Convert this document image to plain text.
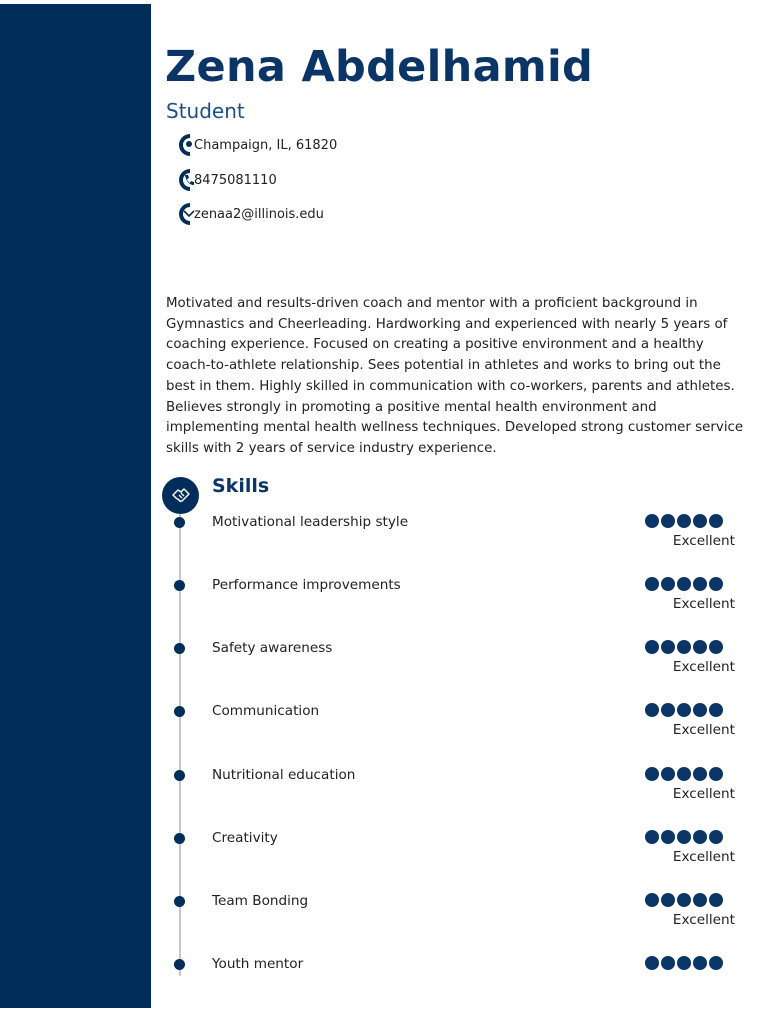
Zena Abdelhamid
Student
Champaign, IL, 61820
8475081110
zenaa2@illinois.edu

Motivated and results-driven coach and mentor with a proficient background in Gymnastics and Cheerleading. Hardworking and experienced with nearly 5 years of coaching experience. Focused on creating a positive environment and a healthy coach-to-athlete relationship. Sees potential in athletes and works to bring out the best in them. Highly skilled in communication with co-workers, parents and athletes. Believes strongly in promoting a positive mental health environment and implementing mental health wellness techniques. Developed strong customer service skills with 2 years of service industry experience.

Skills
Motivational leadership style
Excellent
Performance improvements
Excellent
Safety awareness
Excellent
Communication
Excellent
Nutritional education
Excellent
Creativity
Excellent
Team Bonding
Excellent
Youth mentor
